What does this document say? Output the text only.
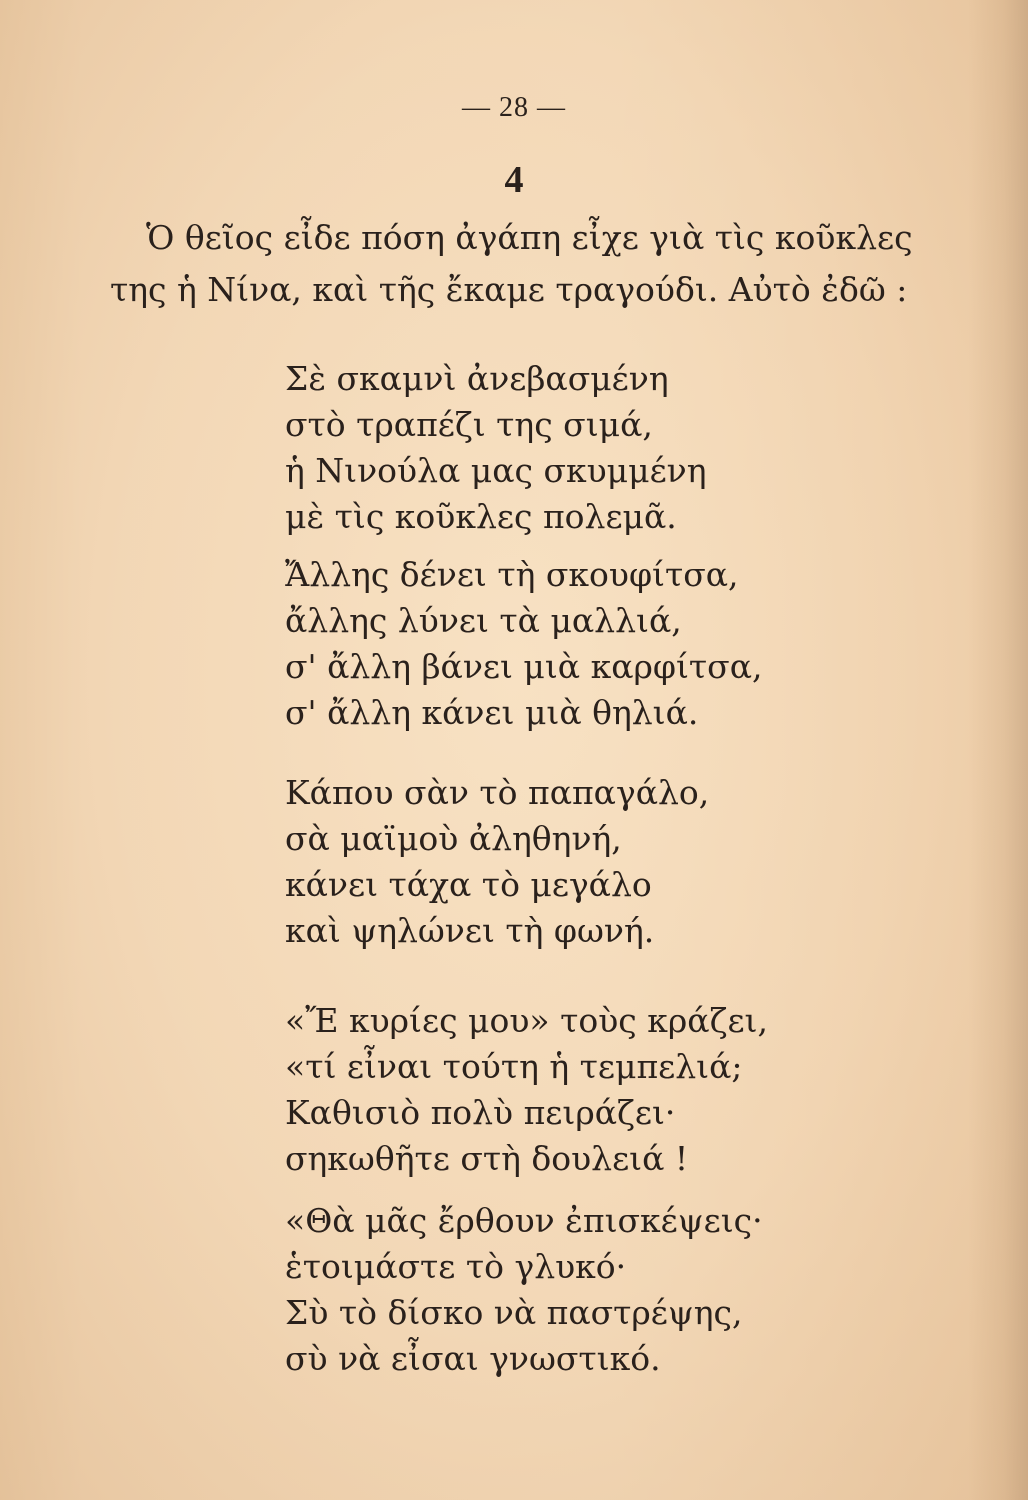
— 28 —
4
Ὁ θεῖος εἶδε πόση ἀγάπη εἶχε γιὰ τὶς κοῦκλες
της ἡ Νίνα, καὶ τῆς ἔκαμε τραγούδι. Αὐτὸ ἐδῶ :
Σὲ σκαμνὶ ἀνεβασμένη
στὸ τραπέζι της σιμά,
ἡ Νινούλα μας σκυμμένη
μὲ τὶς κοῦκλες πολεμᾶ.
Ἄλλης δένει τὴ σκουφίτσα,
ἄλλης λύνει τὰ μαλλιά,
σ' ἄλλη βάνει μιὰ καρφίτσα,
σ' ἄλλη κάνει μιὰ θηλιά.
Κάπου σὰν τὸ παπαγάλο,
σὰ μαϊμοὺ ἀληθηνή,
κάνει τάχα τὸ μεγάλο
καὶ ψηλώνει τὴ φωνή.
«Ἔ κυρίες μου» τοὺς κράζει,
«τί εἶναι τούτη ἡ τεμπελιά;
Καθισιὸ πολὺ πειράζει·
σηκωθῆτε στὴ δουλειά !
«Θὰ μᾶς ἔρθουν ἐπισκέψεις·
ἑτοιμάστε τὸ γλυκό·
Σὺ τὸ δίσκο νὰ παστρέψης,
σὺ νὰ εἶσαι γνωστικό.
